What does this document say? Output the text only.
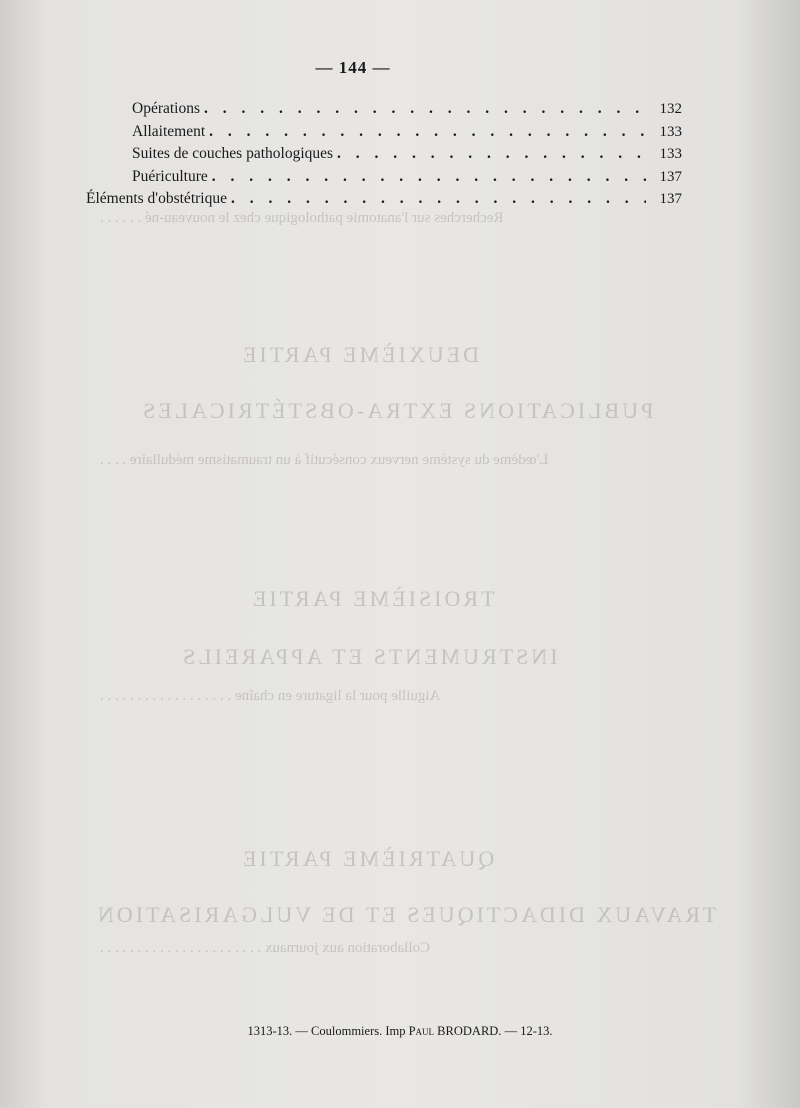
DEUXIÈME PARTIE
PUBLICATIONS EXTRA-OBSTÉTRICALES
TROISIÈME PARTIE
INSTRUMENTS ET APPAREILS
QUATRIÈME PARTIE
TRAVAUX DIDACTIQUES ET DE VULGARISATION
Recherches sur l'anatomie pathologique chez le nouveau-né . . . . . .
L'œdème du système nerveux consécutif à un traumatisme médullaire . . . .
Aiguille pour la ligature en chaîne . . . . . . . . . . . . . . . . . .
Collaboration aux journaux . . . . . . . . . . . . . . . . . . . . . .
— 144 —
Opérations . . .	132
Allaitement . . .	133
Suites de couches pathologiques . . .	133
Puériculture . . .	137
Éléments d'obstétrique . . .	137
1313-13. — Coulommiers. Imp Paul BRODARD. — 12-13.
